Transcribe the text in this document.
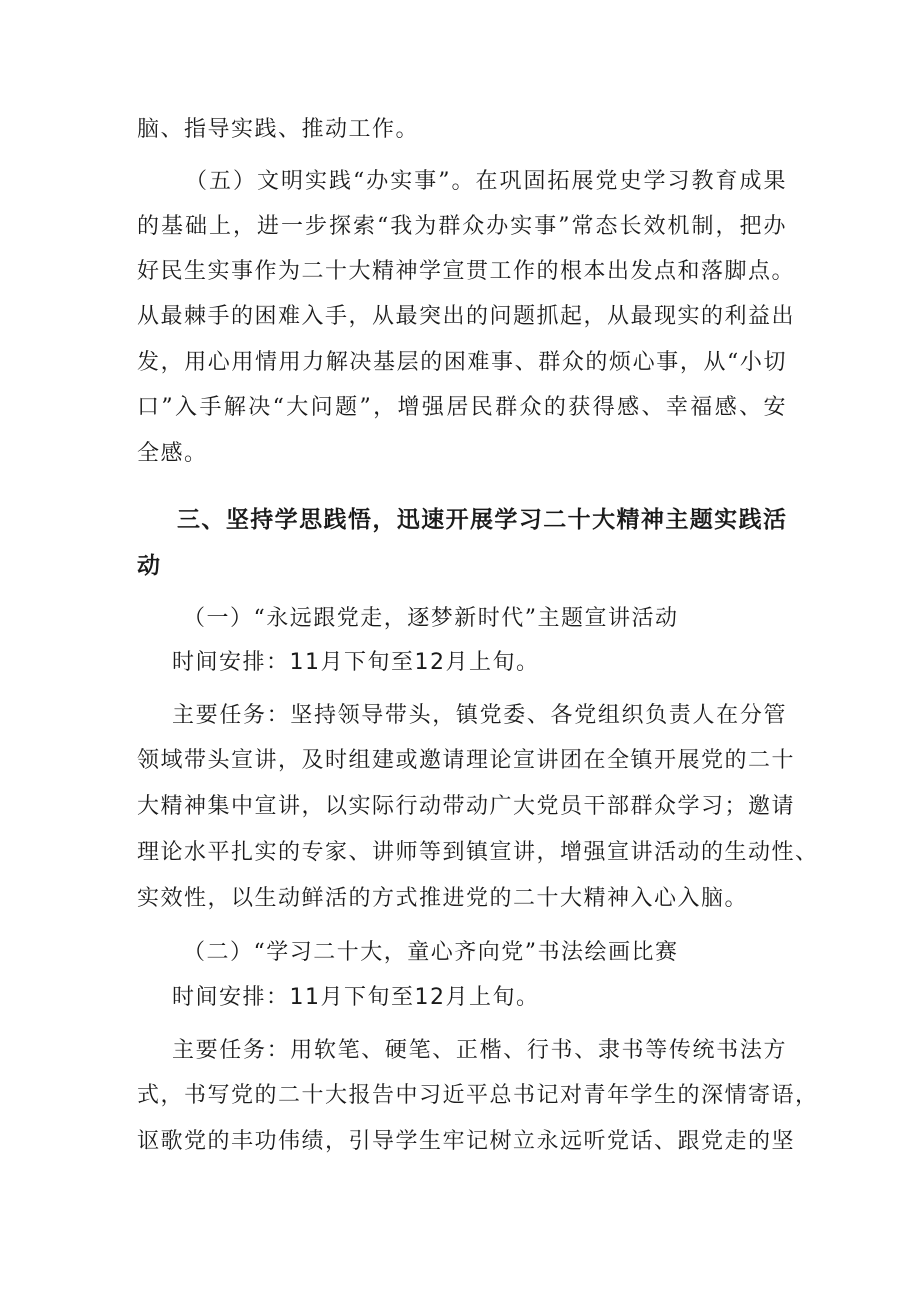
脑、指导实践、推动工作。
（五）文明实践“办实事”。在巩固拓展党史学习教育成果
的基础上，进一步探索“我为群众办实事”常态长效机制，把办
好民生实事作为二十大精神学宣贯工作的根本出发点和落脚点。
从最棘手的困难入手，从最突出的问题抓起，从最现实的利益出
发，用心用情用力解决基层的困难事、群众的烦心事，从“小切
口”入手解决“大问题”，增强居民群众的获得感、幸福感、安
全感。
三、坚持学思践悟，迅速开展学习二十大精神主题实践活
动
（一）“永远跟党走，逐梦新时代”主题宣讲活动
时间安排：11月下旬至12月上旬。
主要任务：坚持领导带头，镇党委、各党组织负责人在分管
领域带头宣讲，及时组建或邀请理论宣讲团在全镇开展党的二十
大精神集中宣讲，以实际行动带动广大党员干部群众学习；邀请
理论水平扎实的专家、讲师等到镇宣讲，增强宣讲活动的生动性、
实效性，以生动鲜活的方式推进党的二十大精神入心入脑。
（二）“学习二十大，童心齐向党”书法绘画比赛
时间安排：11月下旬至12月上旬。
主要任务：用软笔、硬笔、正楷、行书、隶书等传统书法方
式，书写党的二十大报告中习近平总书记对青年学生的深情寄语，
讴歌党的丰功伟绩，引导学生牢记树立永远听党话、跟党走的坚
